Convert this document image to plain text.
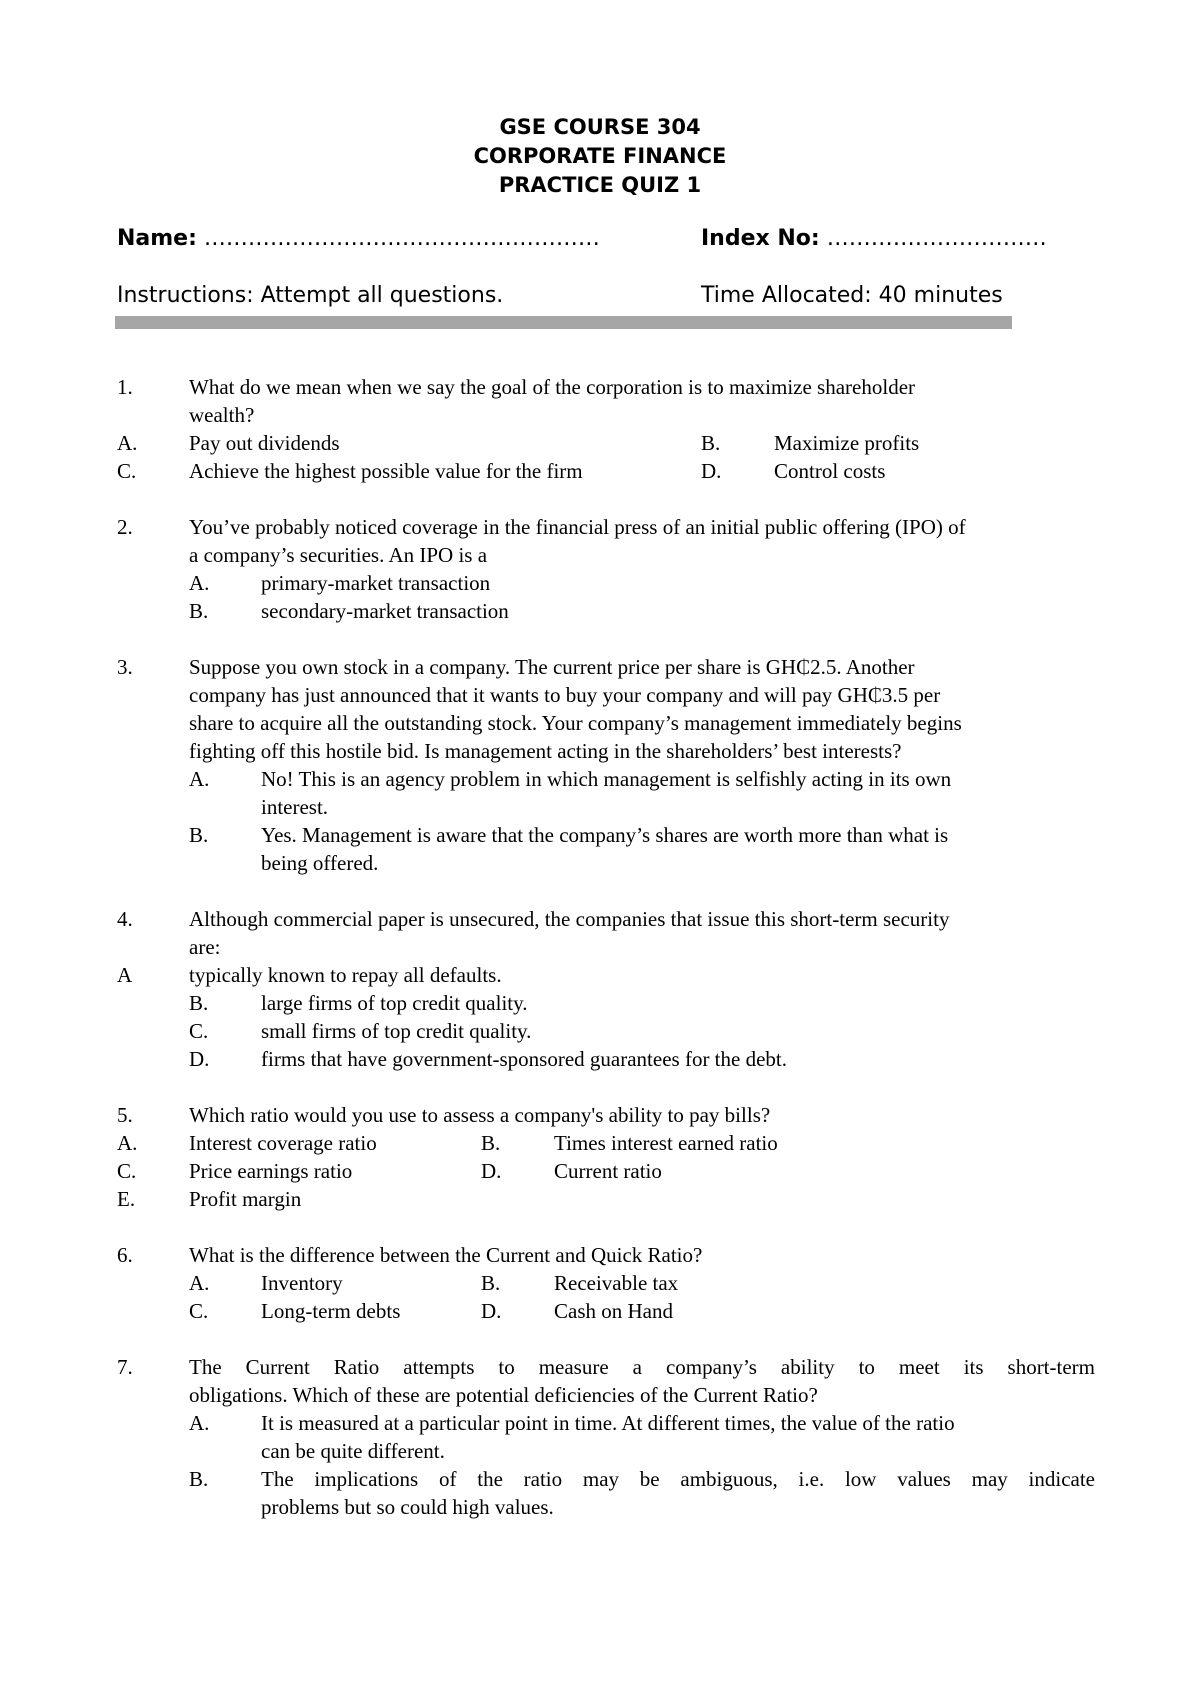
GSE COURSE 304
CORPORATE FINANCE
PRACTICE QUIZ 1
Name: ………………………………………………	Index No: …………………………
Instructions: Attempt all questions.	Time Allocated: 40 minutes
1.	What do we mean when we say the goal of the corporation is to maximize shareholder
wealth?
A. Pay out dividends	B.	Maximize profits
C.	Achieve the highest possible value for the firm	D.	Control costs
2.	You’ve probably noticed coverage in the financial press of an initial public offering (IPO) of
a company’s securities. An IPO is a
A. primary-market transaction
B.	secondary-market transaction
3.	Suppose you own stock in a company. The current price per share is GH₵2.5. Another
company has just announced that it wants to buy your company and will pay GH₵3.5 per
share to acquire all the outstanding stock. Your company’s management immediately begins
fighting off this hostile bid. Is management acting in the shareholders’ best interests?
A. No! This is an agency problem in which management is selfishly acting in its own
interest.
B.	Yes. Management is aware that the company’s shares are worth more than what is
being offered.
4.	Although commercial paper is unsecured, the companies that issue this short-term security
are:
A	typically known to repay all defaults.
B.	large firms of top credit quality.
C.	small firms of top credit quality.
D. firms that have government-sponsored guarantees for the debt.
5.	Which ratio would you use to assess a company's ability to pay bills?
A. Interest coverage ratio	B.	Times interest earned ratio
C.	Price earnings ratio	D.	Current ratio
E.	Profit margin
6.	What is the difference between the Current and Quick Ratio?
A. Inventory	B.	Receivable tax
C.	Long-term debts	D.	Cash on Hand
7.	The Current Ratio attempts to measure a company’s ability to meet its short-term
obligations. Which of these are potential deficiencies of the Current Ratio?
A. It is measured at a particular point in time. At different times, the value of the ratio
can be quite different.
B.	The implications of the ratio may be ambiguous, i.e. low values may indicate
problems but so could high values.
